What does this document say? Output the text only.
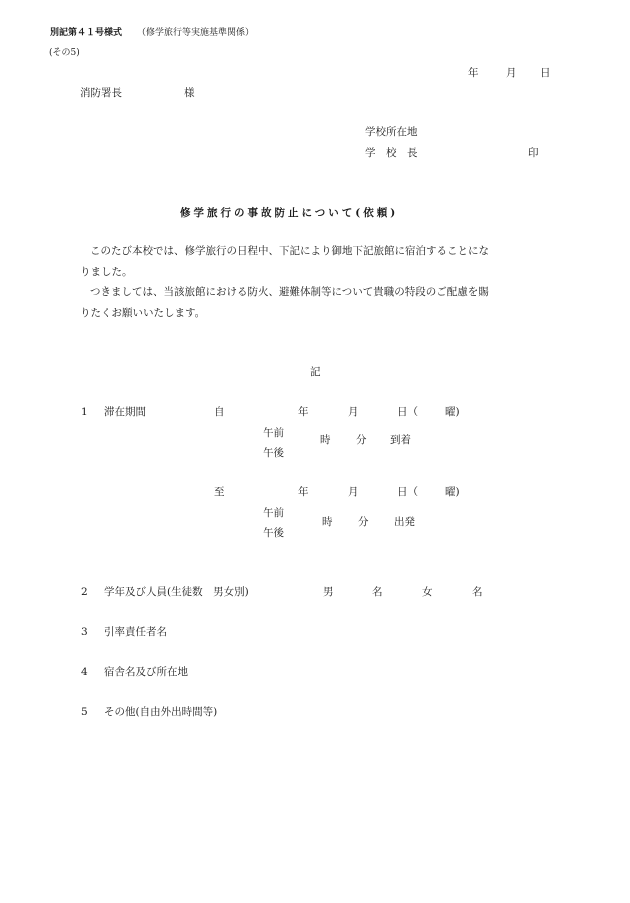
別記第４１号様式 （修学旅行等実施基準関係）
(その5)
年	月 日
消防署長	様
学校所在地
学　校　長	印
修学旅行の事故防止について(依頼)
このたび本校では、修学旅行の日程中、下記により御地下記旅館に宿泊することにな
りました。
つきましては、当該旅館における防火、避難体制等について貴職の特段のご配慮を賜
りたくお願いいたします。
記
1 滞在期間	自	年	月	日（	曜)
午前
午後
時 分 到着
至	年	月	日（	曜)
午前
午後
時 分 出発
2 学年及び人員(生徒数　男女別)	男	名	女	名
3 引率責任者名
4 宿舎名及び所在地
5 その他(自由外出時間等)
